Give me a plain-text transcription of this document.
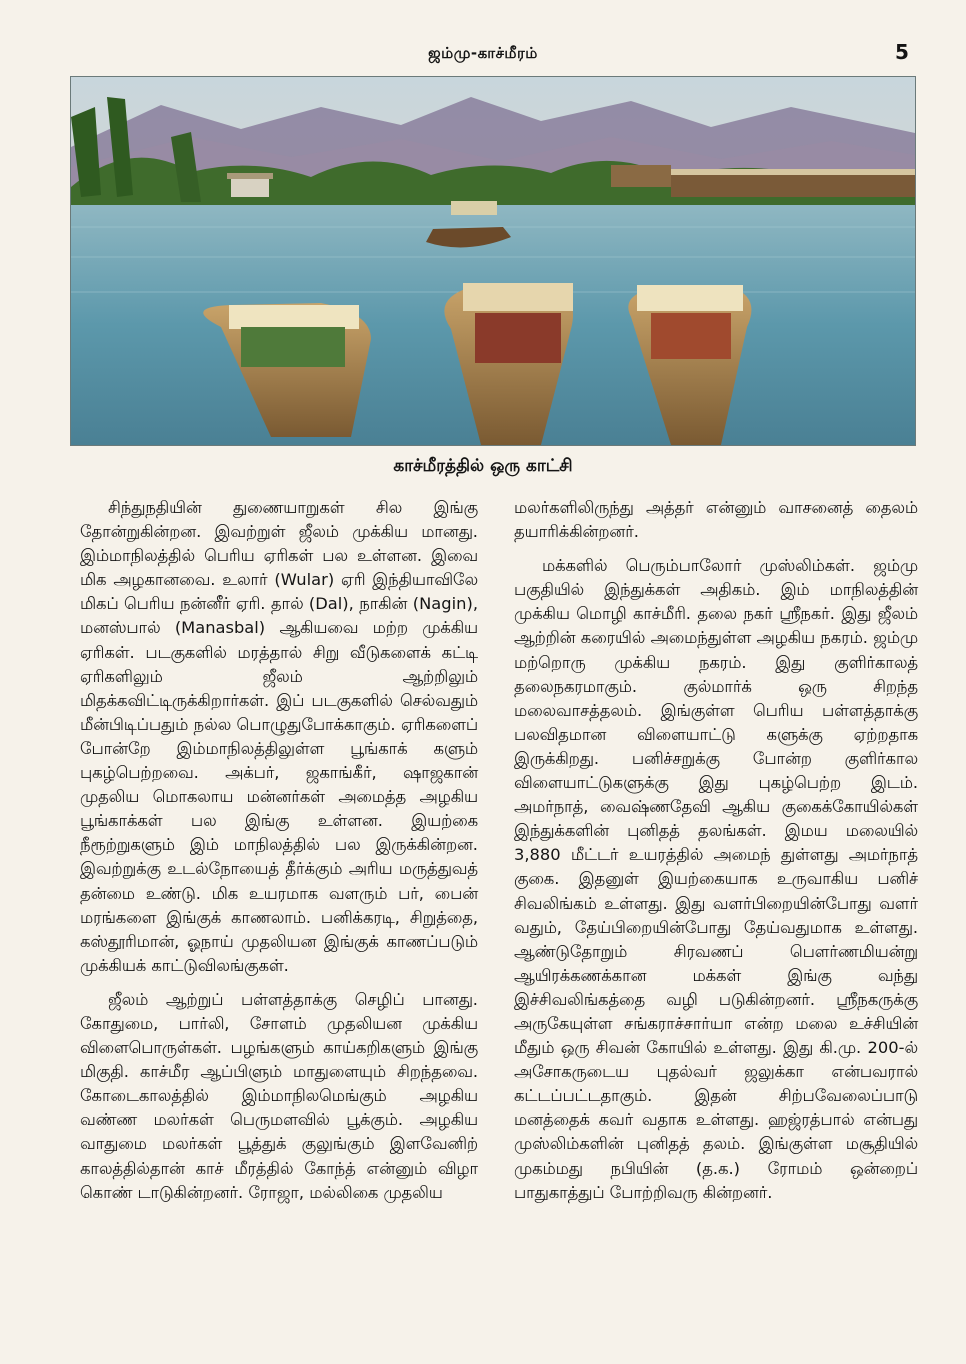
ஜம்மு-காச்மீரம்	5
காச்மீரத்தில் ஒரு காட்சி

சிந்துநதியின் துணையாறுகள் சில இங்கு தோன்றுகின்றன. இவற்றுள் ஜீலம் முக்கிய மானது. இம்மாநிலத்தில் பெரிய ஏரிகள் பல உள்ளன. இவை மிக அழகானவை. உலார் (Wular) ஏரி இந்தியாவிலே மிகப் பெரிய நன்னீர் ஏரி. தால் (Dal), நாகின் (Nagin), மனஸ்பால் (Manasbal) ஆகியவை மற்ற முக்கிய ஏரிகள். படகுகளில் மரத்தால் சிறு வீடுகளைக் கட்டி ஏரிகளிலும் ஜீலம் ஆற்றிலும் மிதக்கவிட்டிருக்கிறார்கள். இப் படகுகளில் செல்வதும் மீன்பிடிப்பதும் நல்ல பொழுதுபோக்காகும். ஏரிகளைப் போன்றே இம்மாநிலத்திலுள்ள பூங்காக் களும் புகழ்பெற்றவை. அக்பர், ஜகாங்கீர், ஷாஜகான் முதலிய மொகலாய மன்னர்கள் அமைத்த அழகிய பூங்காக்கள் பல இங்கு உள்ளன. இயற்கை நீரூற்றுகளும் இம் மாநிலத்தில் பல இருக்கின்றன. இவற்றுக்கு உடல்நோயைத் தீர்க்கும் அரிய மருத்துவத் தன்மை உண்டு. மிக உயரமாக வளரும் பர், பைன் மரங்களை இங்குக் காணலாம். பனிக்கரடி, சிறுத்தை, கஸ்தூரிமான், ஓநாய் முதலியன இங்குக் காணப்படும் முக்கியக் காட்டுவிலங்குகள்.

ஜீலம் ஆற்றுப் பள்ளத்தாக்கு செழிப் பானது. கோதுமை, பார்லி, சோளம் முதலியன முக்கிய விளைபொருள்கள். பழங்களும் காய்கறிகளும் இங்கு மிகுதி. காச்மீர ஆப்பிளும் மாதுளையும் சிறந்தவை. கோடைகாலத்தில் இம்மாநிலமெங்கும் அழகிய வண்ண மலர்கள் பெருமளவில் பூக்கும். அழகிய வாதுமை மலர்கள் பூத்துக் குலுங்கும் இளவேனிற் காலத்தில்தான் காச் மீரத்தில் கோந்த் என்னும் விழா கொண் டாடுகின்றனர். ரோஜா, மல்லிகை முதலிய

மலர்களிலிருந்து அத்தர் என்னும் வாசனைத் தைலம் தயாரிக்கின்றனர்.

மக்களில் பெரும்பாலோர் முஸ்லிம்கள். ஜம்மு பகுதியில் இந்துக்கள் அதிகம். இம் மாநிலத்தின் முக்கிய மொழி காச்மீரி. தலை நகர் ஸ்ரீநகர். இது ஜீலம் ஆற்றின் கரையில் அமைந்துள்ள அழகிய நகரம். ஜம்மு மற்றொரு முக்கிய நகரம். இது குளிர்காலத் தலைநகரமாகும். குல்மார்க் ஒரு சிறந்த மலைவாசத்தலம். இங்குள்ள பெரிய பள்ளத்தாக்கு பலவிதமான விளையாட்டு களுக்கு ஏற்றதாக இருக்கிறது. பனிச்சறுக்கு போன்ற குளிர்கால விளையாட்டுகளுக்கு இது புகழ்பெற்ற இடம். அமர்நாத், வைஷ்ணதேவி ஆகிய குகைக்கோயில்கள் இந்துக்களின் புனிதத் தலங்கள். இமய மலையில் 3,880 மீட்டர் உயரத்தில் அமைந் துள்ளது அமர்நாத் குகை. இதனுள் இயற்கையாக உருவாகிய பனிச் சிவலிங்கம் உள்ளது. இது வளர்பிறையின்போது வளர் வதும், தேய்பிறையின்போது தேய்வதுமாக உள்ளது. ஆண்டுதோறும் சிரவணப் பௌர்ணமியன்று ஆயிரக்கணக்கான மக்கள் இங்கு வந்து இச்சிவலிங்கத்தை வழி படுகின்றனர். ஸ்ரீநகருக்கு அருகேயுள்ள சங்கராச்சார்யா என்ற மலை உச்சியின் மீதும் ஒரு சிவன் கோயில் உள்ளது. இது கி.மு. 200-ல் அசோகருடைய புதல்வர் ஜலுக்கா என்பவரால் கட்டப்பட்டதாகும். இதன் சிற்பவேலைப்பாடு மனத்தைக் கவர் வதாக உள்ளது. ஹஜ்ரத்பால் என்பது முஸ்லிம்களின் புனிதத் தலம். இங்குள்ள மசூதியில் முகம்மது நபியின் (த.க.) ரோமம் ஒன்றைப் பாதுகாத்துப் போற்றிவரு கின்றனர்.
